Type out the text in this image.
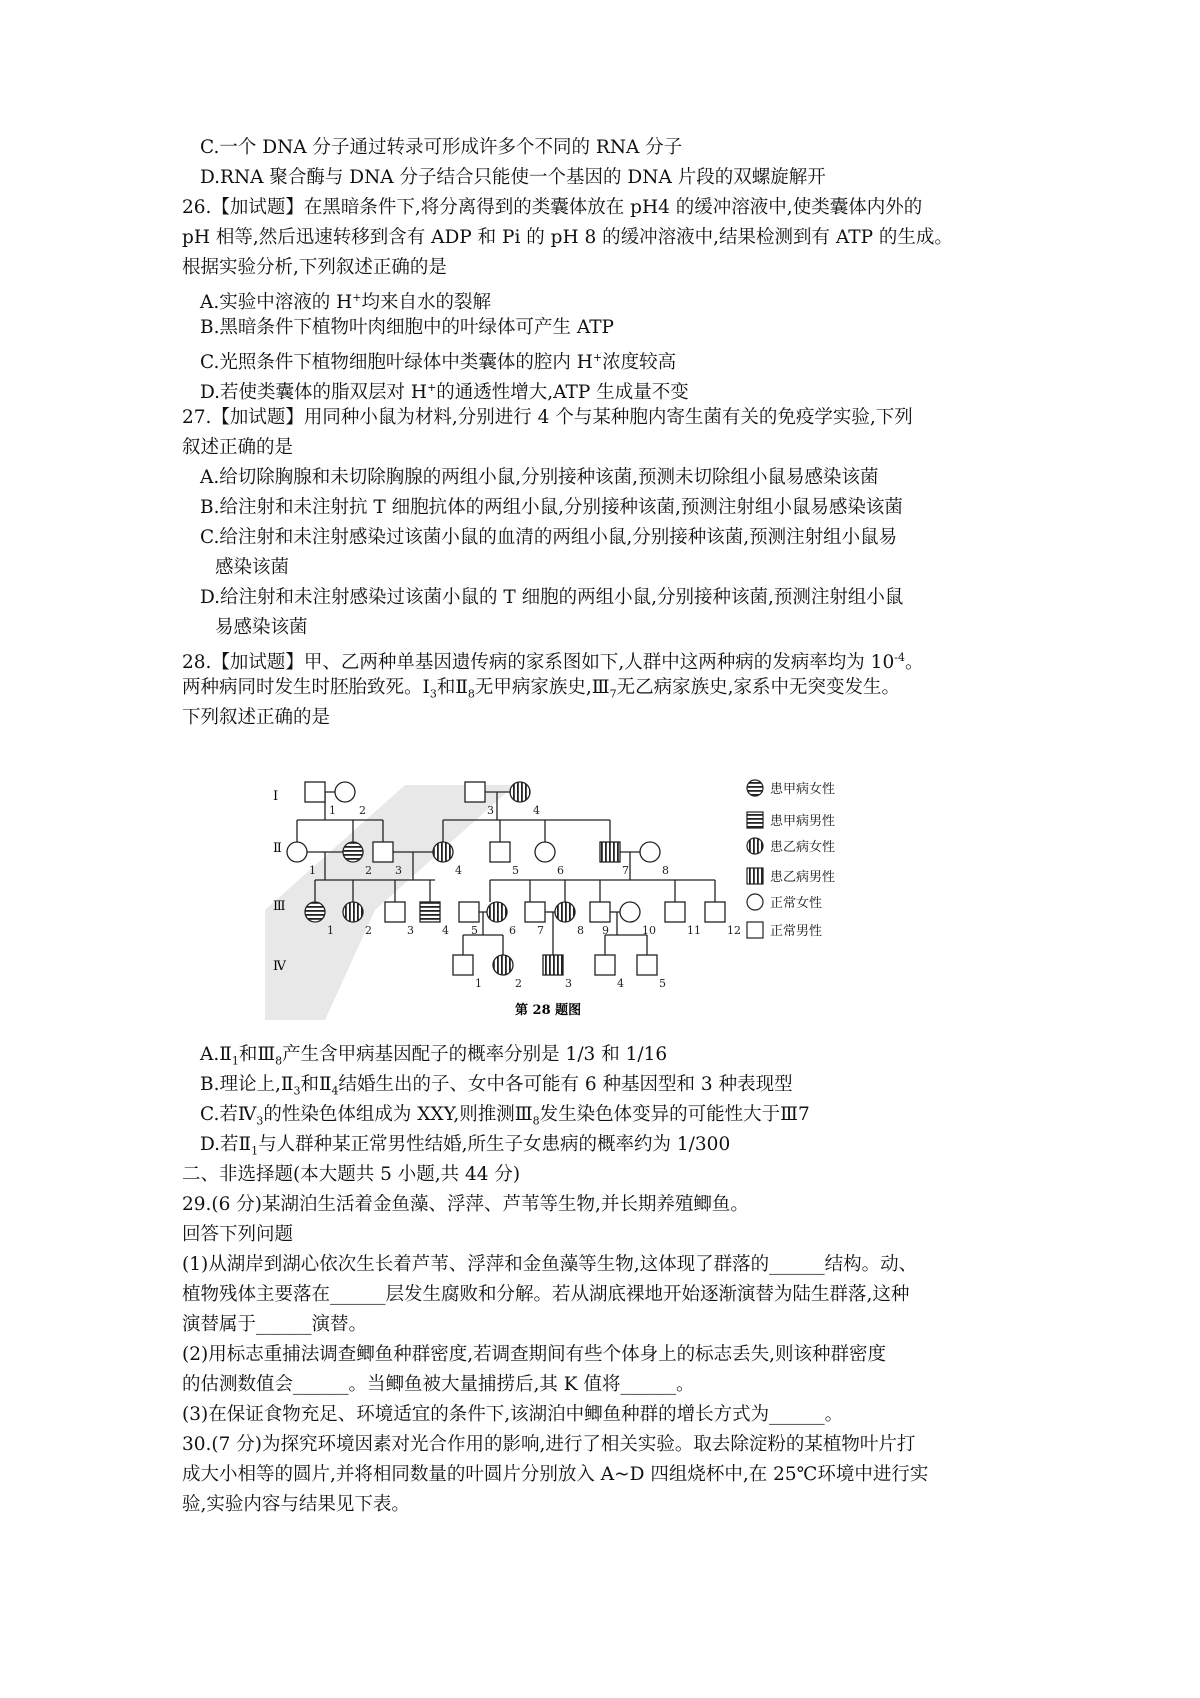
C.一个 DNA 分子通过转录可形成许多个不同的 RNA 分子
D.RNA 聚合酶与 DNA 分子结合只能使一个基因的 DNA 片段的双螺旋解开
26.【加试题】在黑暗条件下,将分离得到的类囊体放在 pH4 的缓冲溶液中,使类囊体内外的
pH 相等,然后迅速转移到含有 ADP 和 Pi 的 pH 8 的缓冲溶液中,结果检测到有 ATP 的生成。
根据实验分析,下列叙述正确的是
A.实验中溶液的 H+均来自水的裂解
B.黑暗条件下植物叶肉细胞中的叶绿体可产生 ATP
C.光照条件下植物细胞叶绿体中类囊体的腔内 H+浓度较高
D.若使类囊体的脂双层对 H+的通透性增大,ATP 生成量不变
27.【加试题】用同种小鼠为材料,分别进行 4 个与某种胞内寄生菌有关的免疫学实验,下列
叙述正确的是
A.给切除胸腺和未切除胸腺的两组小鼠,分别接种该菌,预测未切除组小鼠易感染该菌
B.给注射和未注射抗 T 细胞抗体的两组小鼠,分别接种该菌,预测注射组小鼠易感染该菌
C.给注射和未注射感染过该菌小鼠的血清的两组小鼠,分别接种该菌,预测注射组小鼠易
感染该菌
D.给注射和未注射感染过该菌小鼠的 T 细胞的两组小鼠,分别接种该菌,预测注射组小鼠
易感染该菌
28.【加试题】甲、乙两种单基因遗传病的家系图如下,人群中这两种病的发病率均为 $10^{-4}$。
两种病同时发生时胚胎致死。$Ⅰ_3$和$Ⅱ_8$无甲病家族史$,Ⅲ_7$无乙病家族史,家系中无突变发生。
下列叙述正确的是
Ⅰ
Ⅱ
Ⅲ
Ⅳ
1 2	3	4
1	2 3	4	5	6	7	8
1	2	3	4 5	6 7	8 9	10	11 12
1	2	3	4	5
第 28 题图
患甲病女性
患甲病男性
患乙病女性
患乙病男性
正常女性
正常男性
$A.Ⅱ_1$和$Ⅲ_8$产生含甲病基因配子的概率分别是 1/3 和 1/16
B.理论上$,Ⅱ_3$和$Ⅱ_4$结婚生出的子、女中各可能有 6 种基因型和 3 种表现型
C.若$Ⅳ_3$的性染色体组成为 XXY,则推测$Ⅲ_8$发生染色体变异的可能性大于Ⅲ7
D.若$Ⅱ_1$与人群种某正常男性结婚,所生子女患病的概率约为 1/300
二、非选择题(本大题共 5 小题,共 44 分)
29.(6 分)某湖泊生活着金鱼藻、浮萍、芦苇等生物,并长期养殖鲫鱼。
回答下列问题
(1)从湖岸到湖心依次生长着芦苇、浮萍和金鱼藻等生物,这体现了群落的______结构。动、
植物残体主要落在______层发生腐败和分解。若从湖底裸地开始逐渐演替为陆生群落,这种
演替属于______演替。
(2)用标志重捕法调查鲫鱼种群密度,若调查期间有些个体身上的标志丢失,则该种群密度
的估测数值会______。当鲫鱼被大量捕捞后,其 K 值将______。
(3)在保证食物充足、环境适宜的条件下,该湖泊中鲫鱼种群的增长方式为______。
30.(7 分)为探究环境因素对光合作用的影响,进行了相关实验。取去除淀粉的某植物叶片打
成大小相等的圆片,并将相同数量的叶圆片分别放入 A~D 四组烧杯中,在 25℃环境中进行实
验,实验内容与结果见下表。
